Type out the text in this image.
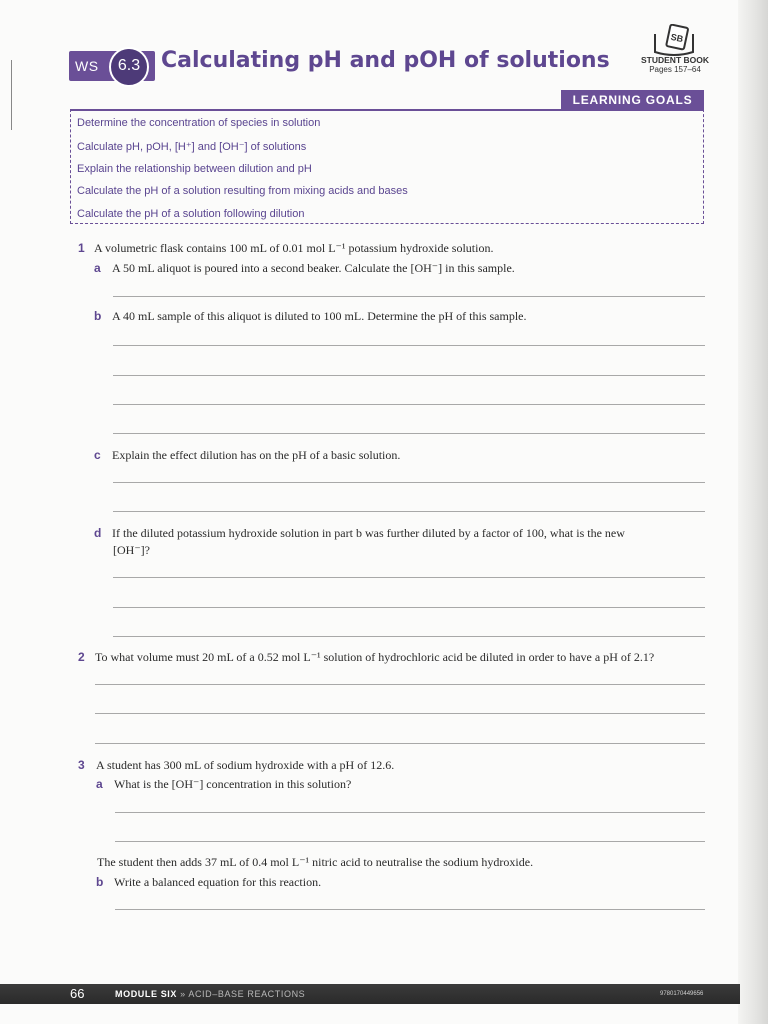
WS	6.3 Calculating pH and pOH of solutions
SB
STUDENT BOOK
Pages 157–64
LEARNING GOALS
Determine the concentration of species in solution
Calculate pH, pOH, [H⁺] and [OH⁻] of solutions
Explain the relationship between dilution and pH
Calculate the pH of a solution resulting from mixing acids and bases
Calculate the pH of a solution following dilution
1 A volumetric flask contains 100 mL of 0.01 mol L⁻¹ potassium hydroxide solution.
a A 50 mL aliquot is poured into a second beaker. Calculate the [OH⁻] in this sample.
b A 40 mL sample of this aliquot is diluted to 100 mL. Determine the pH of this sample.
c Explain the effect dilution has on the pH of a basic solution.
d If the diluted potassium hydroxide solution in part b was further diluted by a factor of 100, what is the new
[OH⁻]?
2 To what volume must 20 mL of a 0.52 mol L⁻¹ solution of hydrochloric acid be diluted in order to have a pH of 2.1?
3 A student has 300 mL of sodium hydroxide with a pH of 12.6.
a What is the [OH⁻] concentration in this solution?
The student then adds 37 mL of 0.4 mol L⁻¹ nitric acid to neutralise the sodium hydroxide.
b Write a balanced equation for this reaction.
66	MODULE SIX » ACID–BASE REACTIONS	9780170449656
